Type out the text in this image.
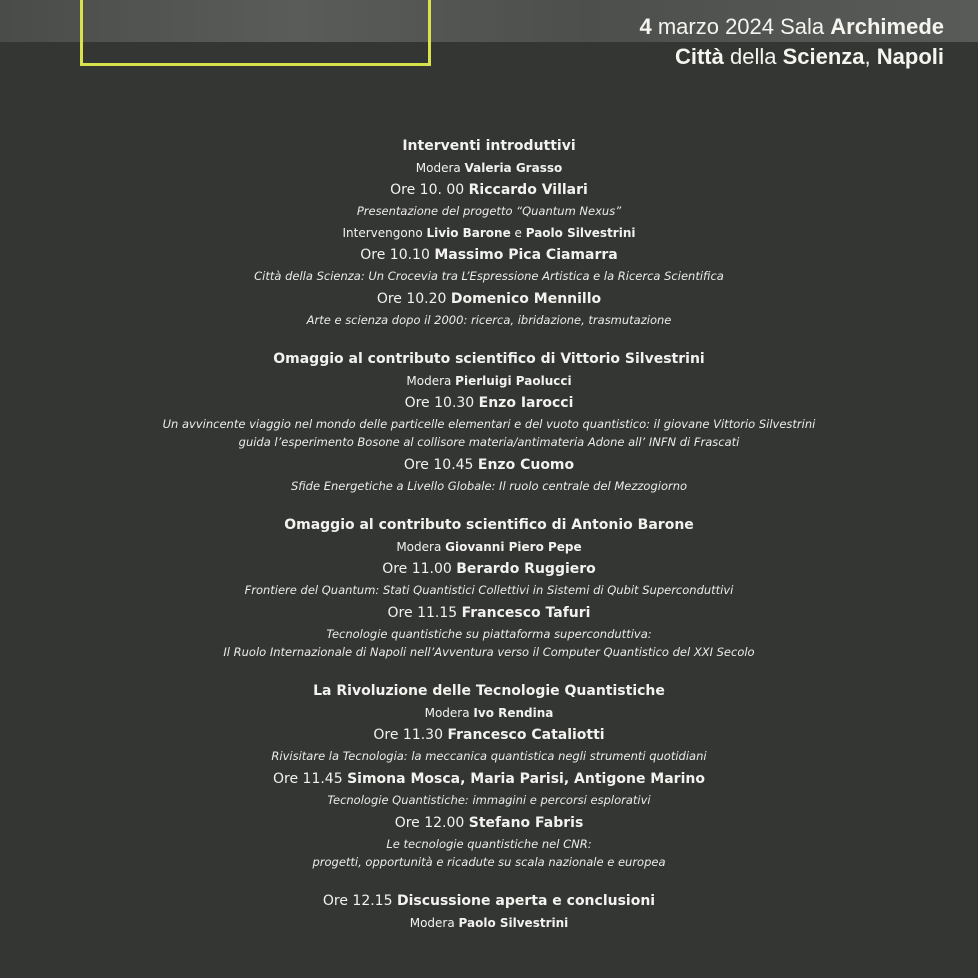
4 marzo 2024 Sala Archimede
Città della Scienza, Napoli
Interventi introduttivi
Modera Valeria Grasso
Ore 10. 00 Riccardo Villari
Presentazione del progetto “Quantum Nexus”
Intervengono Livio Barone e Paolo Silvestrini
Ore 10.10 Massimo Pica Ciamarra
Città della Scienza: Un Crocevia tra L’Espressione Artistica e la Ricerca Scientifica
Ore 10.20 Domenico Mennillo
Arte e scienza dopo il 2000: ricerca, ibridazione, trasmutazione
Omaggio al contributo scientifico di Vittorio Silvestrini
Modera Pierluigi Paolucci
Ore 10.30 Enzo Iarocci
Un avvincente viaggio nel mondo delle particelle elementari e del vuoto quantistico: il giovane Vittorio Silvestrini
guida l’esperimento Bosone al collisore materia/antimateria Adone all’ INFN di Frascati
Ore 10.45 Enzo Cuomo
Sfide Energetiche a Livello Globale: Il ruolo centrale del Mezzogiorno
Omaggio al contributo scientifico di Antonio Barone
Modera Giovanni Piero Pepe
Ore 11.00 Berardo Ruggiero
Frontiere del Quantum: Stati Quantistici Collettivi in Sistemi di Qubit Superconduttivi
Ore 11.15 Francesco Tafuri
Tecnologie quantistiche su piattaforma superconduttiva:
Il Ruolo Internazionale di Napoli nell’Avventura verso il Computer Quantistico del XXI Secolo
La Rivoluzione delle Tecnologie Quantistiche
Modera Ivo Rendina
Ore 11.30 Francesco Cataliotti
Rivisitare la Tecnologia: la meccanica quantistica negli strumenti quotidiani
Ore 11.45 Simona Mosca, Maria Parisi, Antigone Marino
Tecnologie Quantistiche: immagini e percorsi esplorativi
Ore 12.00 Stefano Fabris
Le tecnologie quantistiche nel CNR:
progetti, opportunità e ricadute su scala nazionale e europea
Ore 12.15 Discussione aperta e conclusioni
Modera Paolo Silvestrini
